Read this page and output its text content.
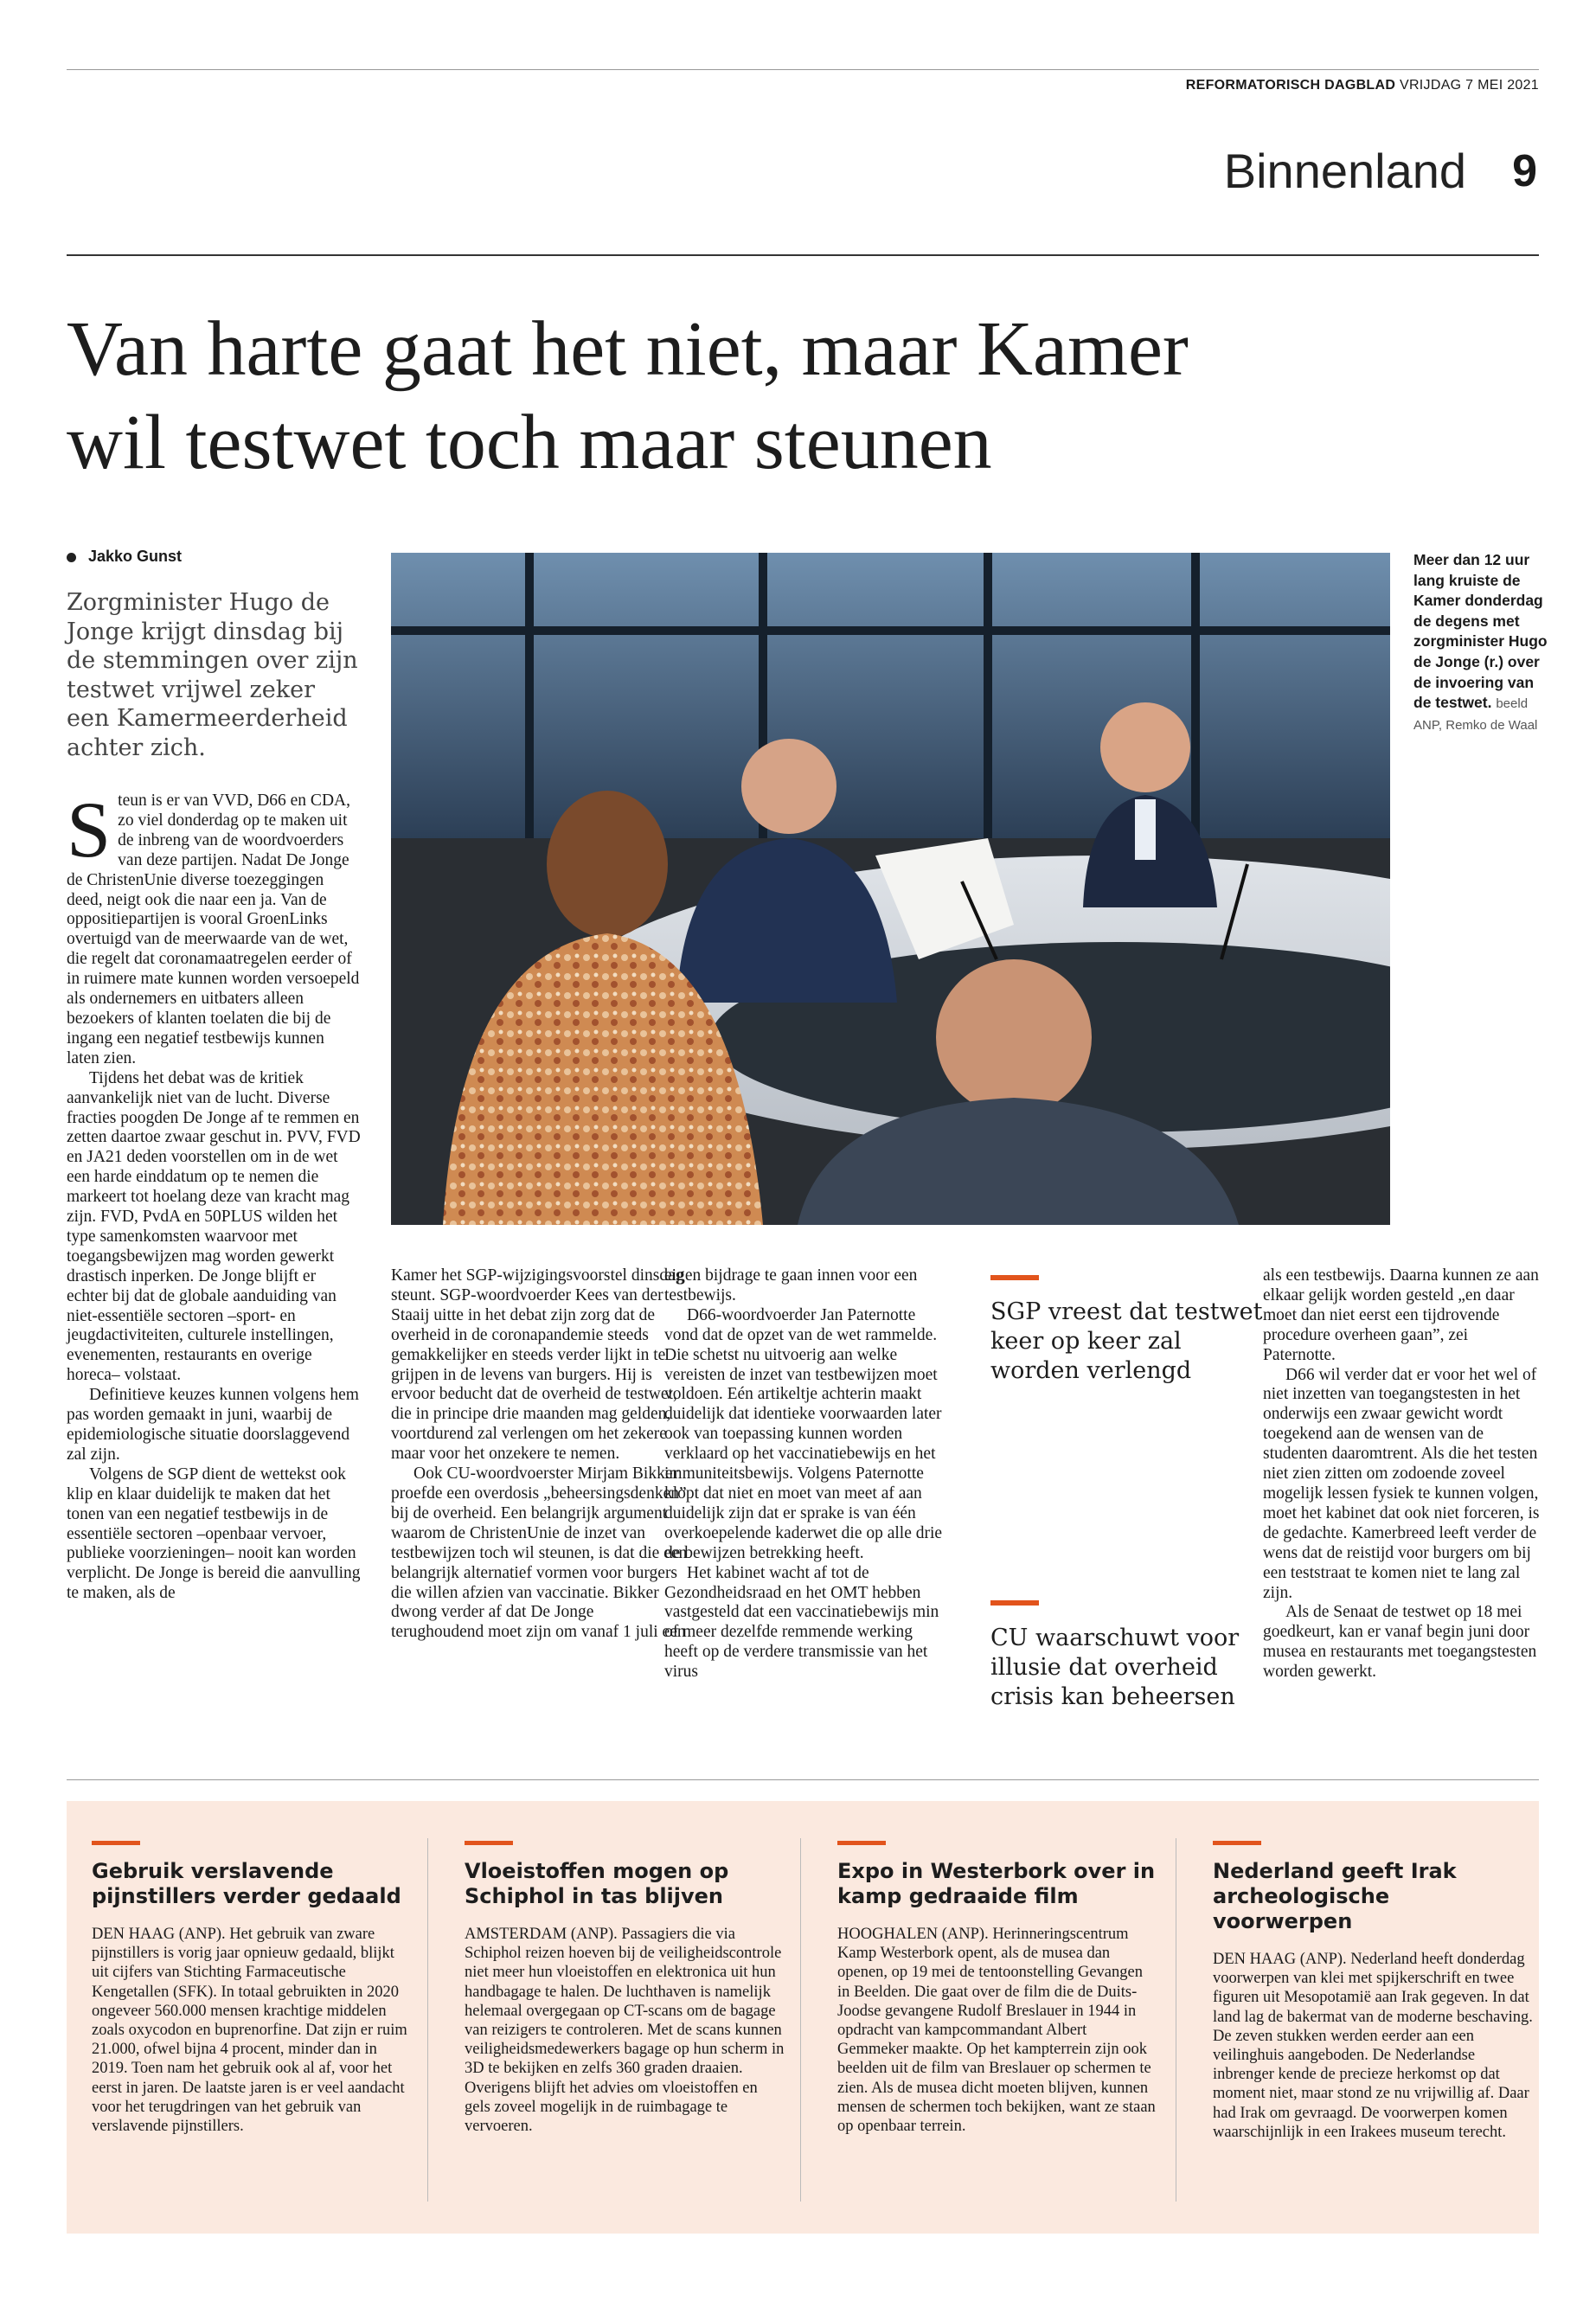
REFORMATORISCH DAGBLAD VRIJDAG 7 MEI 2021
Binnenland 9
Van harte gaat het niet, maar Kamer
wil testwet toch maar steunen
Jakko Gunst
Zorgminister Hugo de Jonge krijgt dinsdag bij de stemmingen over zijn testwet vrijwel zeker een Kamermeerderheid achter zich.

Steun is er van VVD, D66 en CDA, zo viel donderdag op te maken uit de inbreng van de woordvoerders van deze partijen. Nadat De Jonge de ChristenUnie diverse toezeggingen deed, neigt ook die naar een ja. Van de oppositiepartijen is vooral GroenLinks overtuigd van de meerwaarde van de wet, die regelt dat coronamaatregelen eerder of in ruimere mate kunnen worden versoepeld als ondernemers en uitbaters alleen bezoekers of klanten toelaten die bij de ingang een negatief testbewijs kunnen laten zien.

Tijdens het debat was de kritiek aanvankelijk niet van de lucht. Diverse fracties poogden De Jonge af te remmen en zetten daartoe zwaar geschut in. PVV, FVD en JA21 deden voorstellen om in de wet een harde einddatum op te nemen die markeert tot hoelang deze van kracht mag zijn. FVD, PvdA en 50PLUS wilden het type samenkomsten waarvoor met toegangsbewijzen mag worden gewerkt drastisch inperken. De Jonge blijft er echter bij dat de globale aanduiding van niet-essentiële sectoren –sport- en jeugdactiviteiten, culturele instellingen, evenementen, restaurants en overige horeca– volstaat.

Definitieve keuzes kunnen volgens hem pas worden gemaakt in juni, waarbij de epidemiologische situatie doorslaggevend zal zijn.

Volgens de SGP dient de wettekst ook klip en klaar duidelijk te maken dat het tonen van een negatief testbewijs in de essentiële sectoren –openbaar vervoer, publieke voorzieningen– nooit kan worden verplicht. De Jonge is bereid die aanvulling te maken, als de

Meer dan 12 uur lang kruiste de Kamer donderdag de degens met zorgminister Hugo de Jonge (r.) over de invoering van de testwet. beeld ANP, Remko de Waal

Kamer het SGP-wijzigingsvoorstel dinsdag steunt. SGP-woordvoerder Kees van der Staaij uitte in het debat zijn zorg dat de overheid in de coronapandemie steeds gemakkelijker en steeds verder lijkt in te grijpen in de levens van burgers. Hij is ervoor beducht dat de overheid de testwet, die in principe drie maanden mag gelden, voortdurend zal verlengen om het zekere maar voor het onzekere te nemen.

Ook CU-woordvoerster Mirjam Bikker proefde een overdosis „beheersingsdenken” bij de overheid. Een belangrijk argument waarom de ChristenUnie de inzet van testbewijzen toch wil steunen, is dat die een belangrijk alternatief vormen voor burgers die willen afzien van vaccinatie. Bikker dwong verder af dat De Jonge terughoudend moet zijn om vanaf 1 juli een

eigen bijdrage te gaan innen voor een testbewijs.

D66-woordvoerder Jan Paternotte vond dat de opzet van de wet rammelde. Die schetst nu uitvoerig aan welke vereisten de inzet van testbewijzen moet voldoen. Eén artikeltje achterin maakt duidelijk dat identieke voorwaarden later ook van toepassing kunnen worden verklaard op het vaccinatiebewijs en het immuniteitsbewijs. Volgens Paternotte klopt dat niet en moet van meet af aan duidelijk zijn dat er sprake is van één overkoepelende kaderwet die op alle drie de bewijzen betrekking heeft.

Het kabinet wacht af tot de Gezondheidsraad en het OMT hebben vastgesteld dat een vaccinatiebewijs min of meer dezelfde remmende werking heeft op de verdere transmissie van het virus

SGP vreest dat testwet keer op keer zal worden verlengd
CU waarschuwt voor illusie dat overheid crisis kan beheersen

als een testbewijs. Daarna kunnen ze aan elkaar gelijk worden gesteld „en daar moet dan niet eerst een tijdrovende procedure overheen gaan”, zei Paternotte.

D66 wil verder dat er voor het wel of niet inzetten van toegangstesten in het onderwijs een zwaar gewicht wordt toegekend aan de wensen van de studenten daaromtrent. Als die het testen niet zien zitten om zodoende zoveel mogelijk lessen fysiek te kunnen volgen, moet het kabinet dat ook niet forceren, is de gedachte. Kamerbreed leeft verder de wens dat de reistijd voor burgers om bij een teststraat te komen niet te lang zal zijn.

Als de Senaat de testwet op 18 mei goedkeurt, kan er vanaf begin juni door musea en restaurants met toegangstesten worden gewerkt.

Gebruik verslavende pijnstillers verder gedaald
DEN HAAG (ANP). Het gebruik van zware pijnstillers is vorig jaar opnieuw gedaald, blijkt uit cijfers van Stichting Farmaceutische Kengetallen (SFK). In totaal gebruikten in 2020 ongeveer 560.000 mensen krachtige middelen zoals oxycodon en buprenorfine. Dat zijn er ruim 21.000, ofwel bijna 4 procent, minder dan in 2019. Toen nam het gebruik ook al af, voor het eerst in jaren. De laatste jaren is er veel aandacht voor het terugdringen van het gebruik van verslavende pijnstillers.
Vloeistoffen mogen op Schiphol in tas blijven
AMSTERDAM (ANP). Passagiers die via Schiphol reizen hoeven bij de veiligheidscontrole niet meer hun vloeistoffen en elektronica uit hun handbagage te halen. De luchthaven is namelijk helemaal overgegaan op CT-scans om de bagage van reizigers te controleren. Met de scans kunnen veiligheidsmedewerkers bagage op hun scherm in 3D te bekijken en zelfs 360 graden draaien. Overigens blijft het advies om vloeistoffen en gels zoveel mogelijk in de ruimbagage te vervoeren.
Expo in Westerbork over in kamp gedraaide film
HOOGHALEN (ANP). Herinneringscentrum Kamp Westerbork opent, als de musea dan openen, op 19 mei de tentoonstelling Gevangen in Beelden. Die gaat over de film die de Duits-Joodse gevangene Rudolf Breslauer in 1944 in opdracht van kampcommandant Albert Gemmeker maakte. Op het kampterrein zijn ook beelden uit de film van Breslauer op schermen te zien. Als de musea dicht moeten blijven, kunnen mensen de schermen toch bekijken, want ze staan op openbaar terrein.
Nederland geeft Irak archeologische voorwerpen
DEN HAAG (ANP). Nederland heeft donderdag voorwerpen van klei met spijkerschrift en twee figuren uit Mesopotamië aan Irak gegeven. In dat land lag de bakermat van de moderne beschaving. De zeven stukken werden eerder aan een veilinghuis aangeboden. De Nederlandse inbrenger kende de precieze herkomst op dat moment niet, maar stond ze nu vrijwillig af. Daar had Irak om gevraagd. De voorwerpen komen waarschijnlijk in een Irakees museum terecht.
